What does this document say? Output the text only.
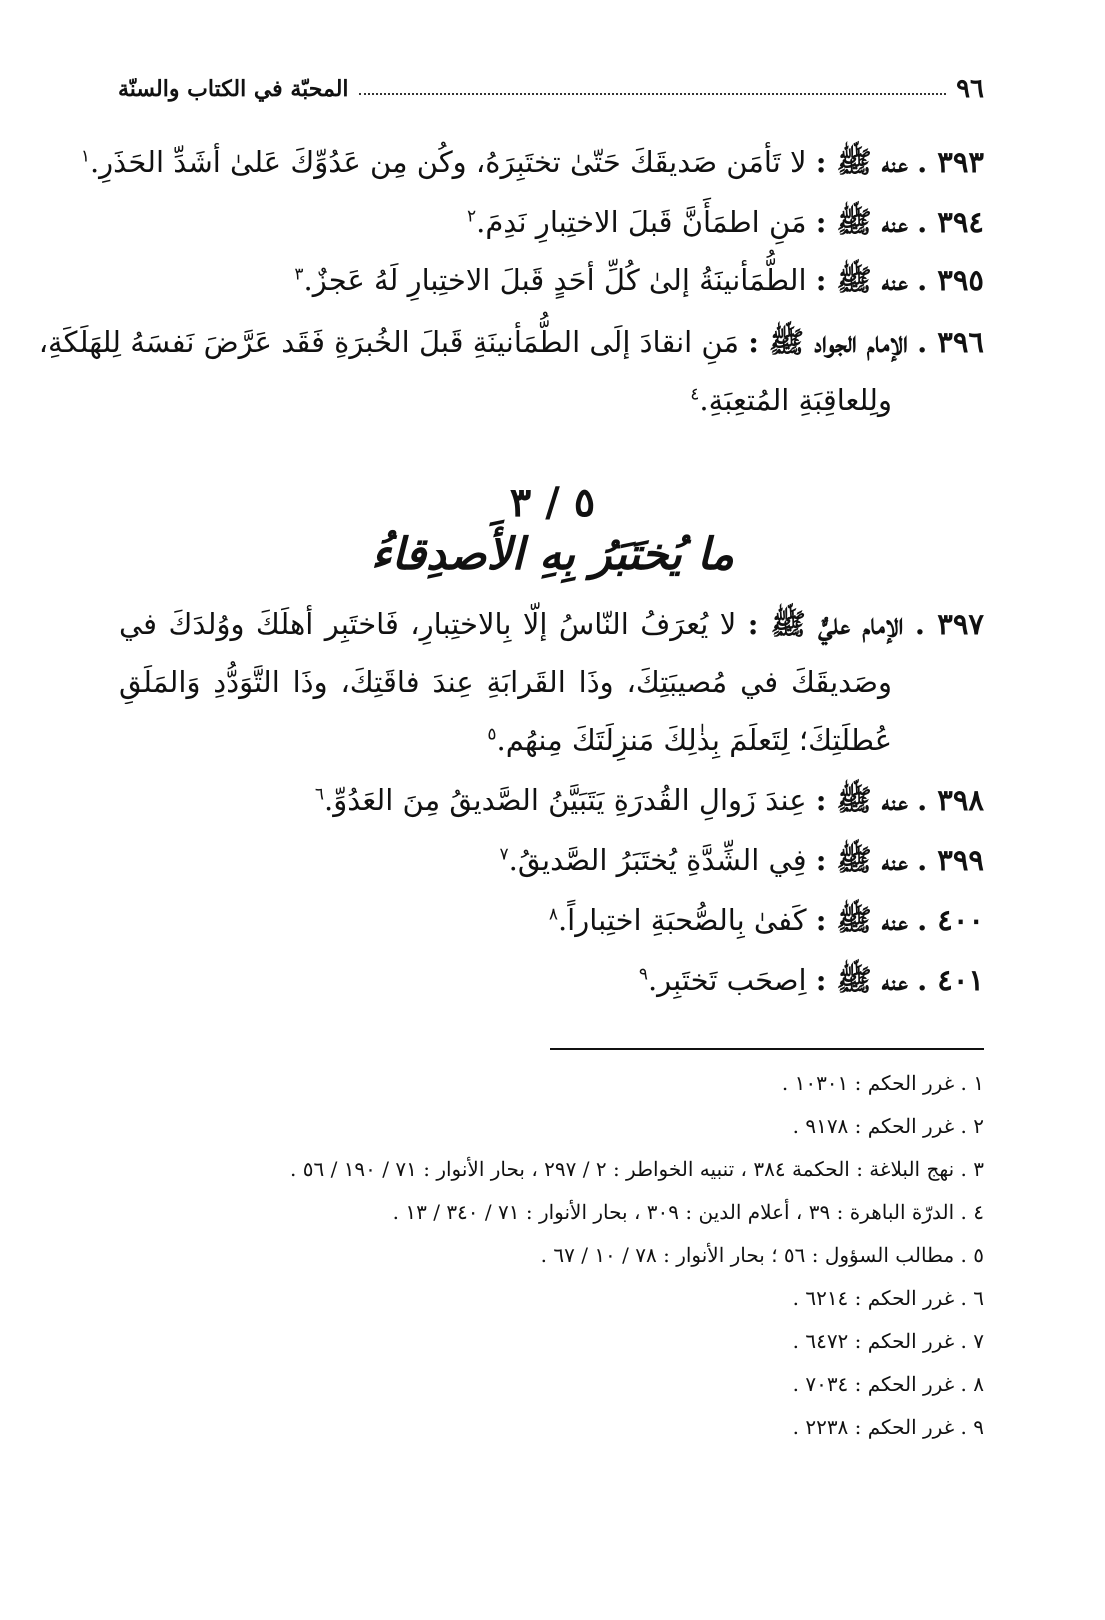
٩٦
المحبّة في الكتاب والسنّة
٣٩٣ . عنه ﷺ : لا تَأمَن صَديقَكَ حَتّىٰ تختَبِرَهُ، وكُن مِن عَدُوِّكَ عَلىٰ أشَدِّ الحَذَرِ.$^١$
٣٩٤ . عنه ﷺ : مَنِ اطمَأَنَّ قَبلَ الاختِبارِ نَدِمَ.$^٢$
٣٩٥ . عنه ﷺ : الطُّمَأنينَةُ إلىٰ كُلِّ أحَدٍ قَبلَ الاختِبارِ لَهُ عَجزٌ.$^٣$
٣٩٦ . الإمام الجواد ﷺ : مَنِ انقادَ إلَى الطُّمَأنينَةِ قَبلَ الخُبرَةِ فَقَد عَرَّضَ نَفسَهُ لِلهَلَكَةِ،
ولِلعاقِبَةِ المُتعِبَةِ.$^٤$
٥ / ٣
ما يُختَبَرُ بِهِ الأَصدِقاءُ
٣٩٧ . الإمام عليٌّ ﷺ : لا يُعرَفُ النّاسُ إلّا بِالاختِبارِ، فَاختَبِر أهلَكَ ووُلدَكَ في
وصَديقَكَ في مُصيبَتِكَ، وذَا القَرابَةِ عِندَ فاقَتِكَ، وذَا التَّوَدُّدِ وَالمَلَقِ
عُطلَتِكَ؛ لِتَعلَمَ بِذٰلِكَ مَنزِلَتَكَ مِنهُم.$^٥$
٣٩٨ . عنه ﷺ : عِندَ زَوالِ القُدرَةِ يَتَبَيَّنُ الصَّديقُ مِنَ العَدُوِّ.$^٦$
٣٩٩ . عنه ﷺ : فِي الشِّدَّةِ يُختَبَرُ الصَّديقُ.$^٧$
٤٠٠ . عنه ﷺ : كَفىٰ بِالصُّحبَةِ اختِباراً.$^٨$
٤٠١ . عنه ﷺ : اِصحَب تَختَبِر.$^٩$
١ . غرر الحكم : ١٠٣٠١ .
٢ . غرر الحكم : ٩١٧٨ .
٣ . نهج البلاغة : الحكمة ٣٨٤ ، تنبيه الخواطر : ٢ / ٢٩٧ ، بحار الأنوار : ٧١ / ١٩٠ / ٥٦ .
٤ . الدرّة الباهرة : ٣٩ ، أعلام الدين : ٣٠٩ ، بحار الأنوار : ٧١ / ٣٤٠ / ١٣ .
٥ . مطالب السؤول : ٥٦ ؛ بحار الأنوار : ٧٨ / ١٠ / ٦٧ .
٦ . غرر الحكم : ٦٢١٤ .
٧ . غرر الحكم : ٦٤٧٢ .
٨ . غرر الحكم : ٧٠٣٤ .
٩ . غرر الحكم : ٢٢٣٨ .
